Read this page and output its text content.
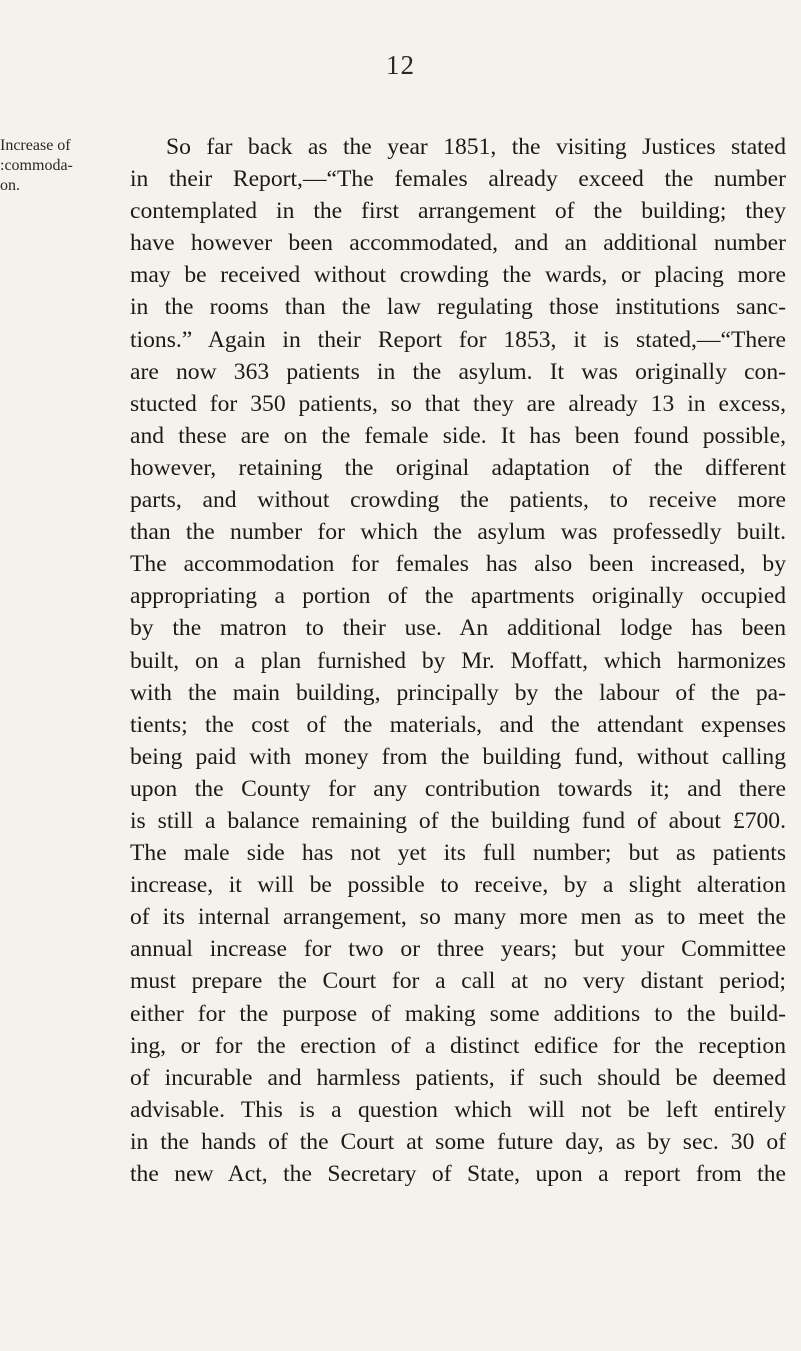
12
Increase of
:commoda-
on.
So far back as the year 1851, the visiting Justices stated
in their Report,—“The females already exceed the number
contemplated in the first arrangement of the building; they
have however been accommodated, and an additional number
may be received without crowding the wards, or placing more
in the rooms than the law regulating those institutions sanc-
tions.” Again in their Report for 1853, it is stated,—“There
are now 363 patients in the asylum. It was originally con-
stucted for 350 patients, so that they are already 13 in excess,
and these are on the female side. It has been found possible,
however, retaining the original adaptation of the different
parts, and without crowding the patients, to receive more
than the number for which the asylum was professedly built.
The accommodation for females has also been increased, by
appropriating a portion of the apartments originally occupied
by the matron to their use. An additional lodge has been
built, on a plan furnished by Mr. Moffatt, which harmonizes
with the main building, principally by the labour of the pa-
tients; the cost of the materials, and the attendant expenses
being paid with money from the building fund, without calling
upon the County for any contribution towards it; and there
is still a balance remaining of the building fund of about £700.
The male side has not yet its full number; but as patients
increase, it will be possible to receive, by a slight alteration
of its internal arrangement, so many more men as to meet the
annual increase for two or three years; but your Committee
must prepare the Court for a call at no very distant period;
either for the purpose of making some additions to the build-
ing, or for the erection of a distinct edifice for the reception
of incurable and harmless patients, if such should be deemed
advisable. This is a question which will not be left entirely
in the hands of the Court at some future day, as by sec. 30 of
the new Act, the Secretary of State, upon a report from the
